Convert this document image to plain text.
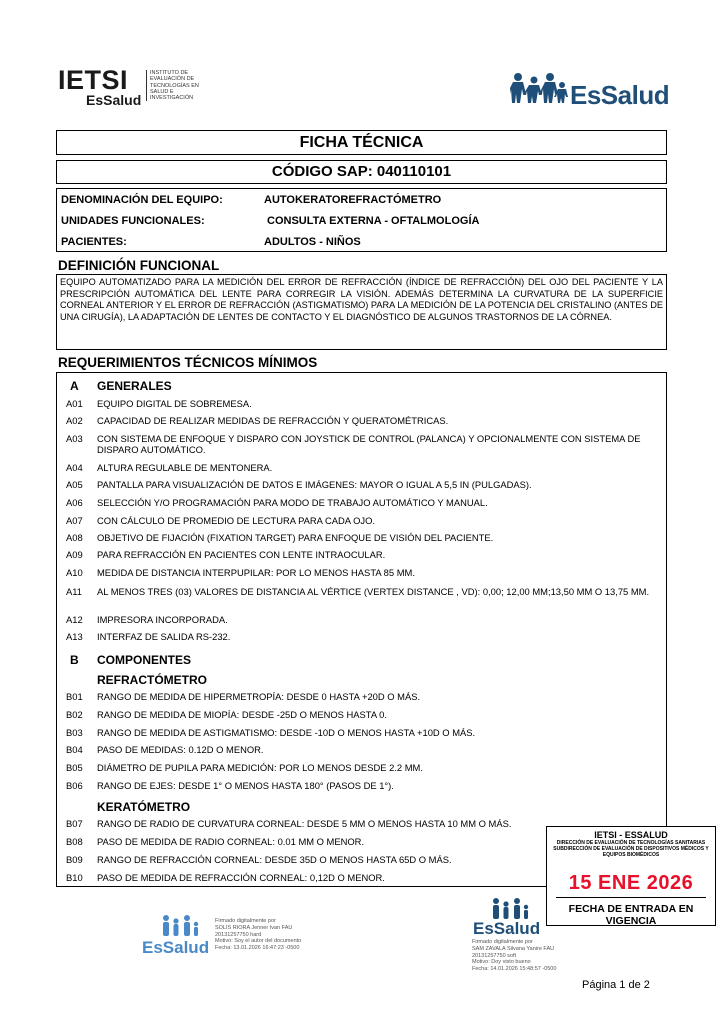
IETSI
EsSalud
INSTITUTO DE EVALUACIÓN DE TECNOLOGÍAS EN SALUD E INVESTIGACIÓN	EsSalud
FICHA TÉCNICA
CÓDIGO SAP: 040110101
DENOMINACIÓN DEL EQUIPO:	AUTOKERATOREFRACTÓMETRO
UNIDADES FUNCIONALES:	CONSULTA EXTERNA - OFTALMOLOGÍA
PACIENTES:	ADULTOS - NIÑOS
DEFINICIÓN FUNCIONAL
EQUIPO AUTOMATIZADO PARA LA MEDICIÓN DEL ERROR DE REFRACCIÓN (ÍNDICE DE REFRACCIÓN) DEL OJO DEL PACIENTE Y LA PRESCRIPCIÓN AUTOMÁTICA DEL LENTE PARA CORREGIR LA VISIÓN. ADEMÁS DETERMINA LA CURVATURA DE LA SUPERFICIE CORNEAL ANTERIOR Y EL ERROR DE REFRACCIÓN (ASTIGMATISMO) PARA LA MEDICIÓN DE LA POTENCIA DEL CRISTALINO (ANTES DE UNA CIRUGÍA), LA ADAPTACIÓN DE LENTES DE CONTACTO Y EL DIAGNÓSTICO DE ALGUNOS TRASTORNOS DE LA CÓRNEA.
REQUERIMIENTOS TÉCNICOS MÍNIMOS
A GENERALES
A01 EQUIPO DIGITAL DE SOBREMESA.
A02 CAPACIDAD DE REALIZAR MEDIDAS DE REFRACCIÓN Y QUERATOMÉTRICAS.
A03 CON SISTEMA DE ENFOQUE Y DISPARO CON JOYSTICK DE CONTROL (PALANCA) Y OPCIONALMENTE CON SISTEMA DE DISPARO AUTOMÁTICO.
A04 ALTURA REGULABLE DE MENTONERA.
A05 PANTALLA PARA VISUALIZACIÓN DE DATOS E IMÁGENES: MAYOR O IGUAL A 5,5 IN (PULGADAS).
A06 SELECCIÓN Y/O PROGRAMACIÓN PARA MODO DE TRABAJO AUTOMÁTICO Y MANUAL.
A07 CON CÁLCULO DE PROMEDIO DE LECTURA PARA CADA OJO.
A08 OBJETIVO DE FIJACIÓN (FIXATION TARGET) PARA ENFOQUE DE VISIÓN DEL PACIENTE.
A09 PARA REFRACCIÓN EN PACIENTES CON LENTE INTRAOCULAR.
A10 MEDIDA DE DISTANCIA INTERPUPILAR: POR LO MENOS HASTA 85 MM.
A11 AL MENOS TRES (03) VALORES DE DISTANCIA AL VÉRTICE (VERTEX DISTANCE , VD): 0,00; 12,00 MM;13,50 MM O 13,75 MM.
A12 IMPRESORA INCORPORADA.
A13 INTERFAZ DE SALIDA RS-232.
B COMPONENTES
REFRACTÓMETRO
B01 RANGO DE MEDIDA DE HIPERMETROPÍA: DESDE 0 HASTA +20D O MÁS.
B02 RANGO DE MEDIDA DE MIOPÍA: DESDE -25D O MENOS HASTA 0.
B03 RANGO DE MEDIDA DE ASTIGMATISMO: DESDE -10D O MENOS HASTA +10D O MÁS.
B04 PASO DE MEDIDAS: 0.12D O MENOR.
B05 DIÁMETRO DE PUPILA PARA MEDICIÓN: POR LO MENOS DESDE 2.2 MM.
B06 RANGO DE EJES: DESDE 1° O MENOS HASTA 180° (PASOS DE 1°).
KERATÓMETRO
B07 RANGO DE RADIO DE CURVATURA CORNEAL: DESDE 5 MM O MENOS HASTA 10 MM O MÁS.
B08 PASO DE MEDIDA DE RADIO CORNEAL: 0.01 MM O MENOR.
B09 RANGO DE REFRACCIÓN CORNEAL: DESDE 35D O MENOS HASTA 65D O MÁS.
B10 PASO DE MEDIDA DE REFRACCIÓN CORNEAL: 0,12D O MENOR.
IETSI - ESSALUD
DIRECCIÓN DE EVALUACIÓN DE TECNOLOGÍAS SANITARIAS
SUBDIRECCIÓN DE EVALUACIÓN DE DISPOSITIVOS MÉDICOS Y EQUIPOS BIOMÉDICOS
15 ENE 2026
FECHA DE ENTRADA EN VIGENCIA
EsSalud
Firmado digitalmente por
SOLIS RIORA Jenner Ivan FAU
20131257750 hard
Motivo: Soy el autor del documento
Fecha: 13.01.2026 16:47:23 -0500
EsSalud
Firmado digitalmente por
SAM ZAVALA Silvana Yanire FAU
20131257750 soft
Motivo: Doy visto bueno
Fecha: 14.01.2026 15:48:57 -0500
Página 1 de 2
